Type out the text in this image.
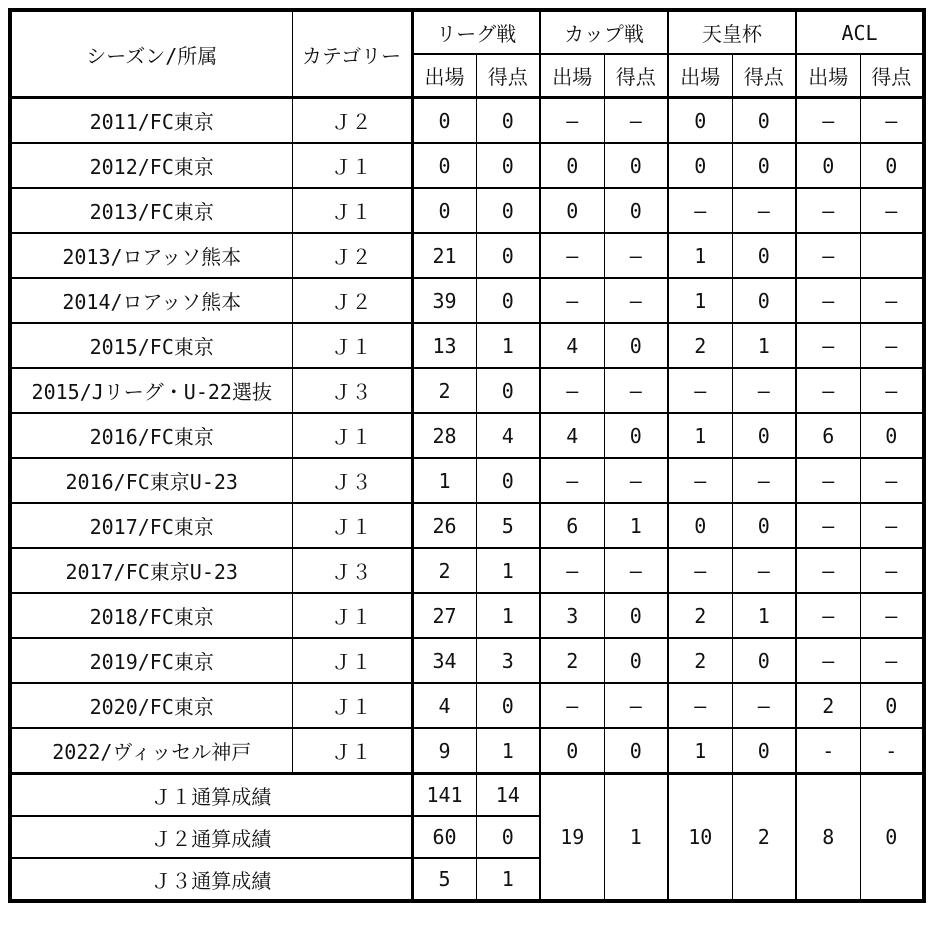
シーズン/所属	カテゴリー	リーグ戦		カップ戦		天皇杯		ACL	
		出場	得点	出場	得点	出場	得点	出場	得点
2011/FC東京	Ｊ２	0	0	–	–	0	0	–	–
2012/FC東京	Ｊ１	0	0	0	0	0	0	0	0
2013/FC東京	Ｊ１	0	0	0	0	–	–	–	–
2013/ロアッソ熊本	Ｊ２	21	0	–	–	1	0	–	
2014/ロアッソ熊本	Ｊ２	39	0	–	–	1	0	–	–
2015/FC東京	Ｊ１	13	1	4	0	2	1	–	–
2015/Jリーグ・U-22選抜	Ｊ３	2	0	–	–	–	–	–	–
2016/FC東京	Ｊ１	28	4	4	0	1	0	6	0
2016/FC東京U-23	Ｊ３	1	0	–	–	–	–	–	–
2017/FC東京	Ｊ１	26	5	6	1	0	0	–	–
2017/FC東京U-23	Ｊ３	2	1	–	–	–	–	–	–
2018/FC東京	Ｊ１	27	1	3	0	2	1	–	–
2019/FC東京	Ｊ１	34	3	2	0	2	0	–	–
2020/FC東京	Ｊ１	4	0	–	–	–	–	2	0
2022/ヴィッセル神戸	Ｊ１	9	1	0	0	1	0	-	-
Ｊ１通算成績		141	14	19	1	10	2	8	0
Ｊ２通算成績		60	0						
Ｊ３通算成績		5	1						
